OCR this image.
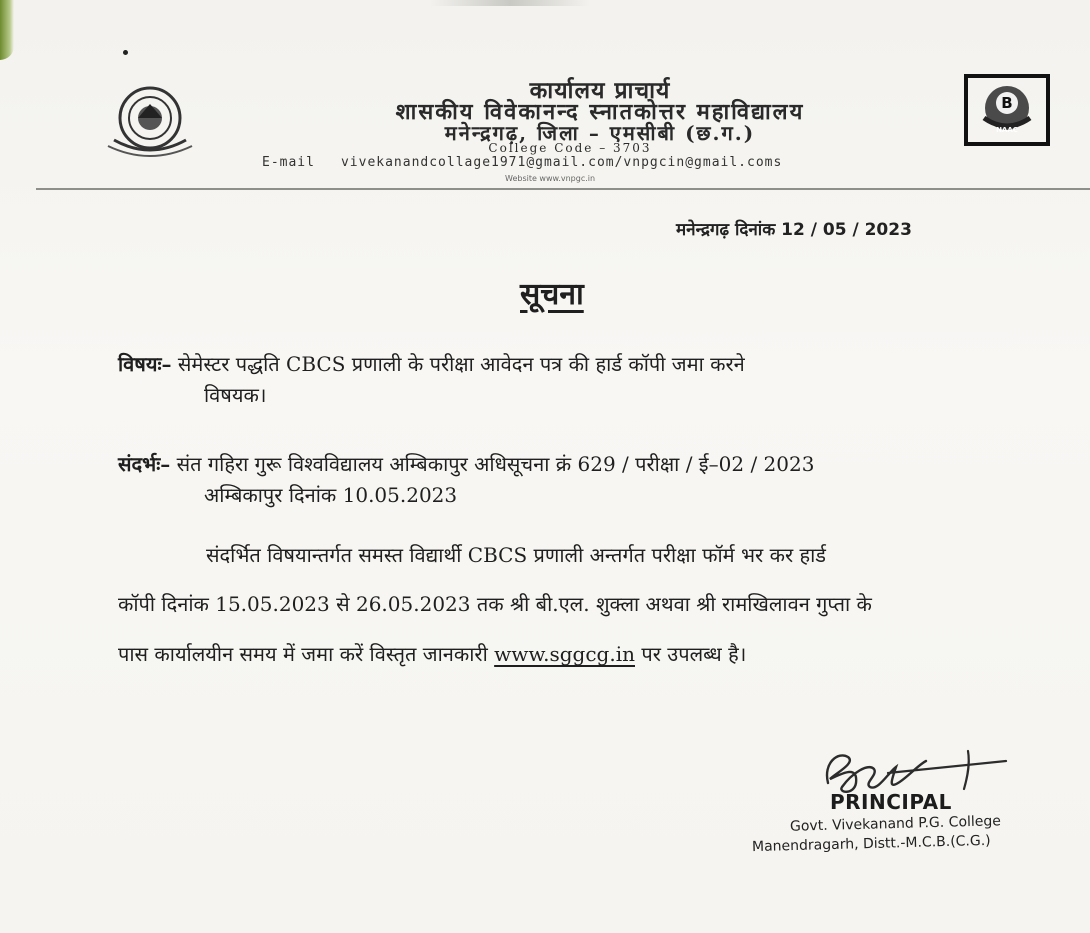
B
NAAC
कार्यालय प्राचार्य
शासकीय विवेकानन्द स्नातकोत्तर महाविद्यालय
मनेन्द्रगढ़, जिला – एमसीबी (छ.ग.)
College Code – 3703
E-mail vivekanandcollage1971@gmail.com/vnpgcin@gmail.coms
Website www.vnpgc.in
मनेन्द्रगढ़ दिनांक 12 / 05 / 2023
सूचना
विषयः– सेमेस्टर पद्धति CBCS प्रणाली के परीक्षा आवेदन पत्र की हार्ड कॉपी जमा करने
विषयक।
संदर्भः– संत गहिरा गुरू विश्वविद्यालय अम्बिकापुर अधिसूचना क्रं 629 / परीक्षा / ई–02 / 2023
अम्बिकापुर दिनांक 10.05.2023
संदर्भित विषयान्तर्गत समस्त विद्यार्थी CBCS प्रणाली अन्तर्गत परीक्षा फॉर्म भर कर हार्ड
कॉपी दिनांक 15.05.2023 से 26.05.2023 तक श्री बी.एल. शुक्ला अथवा श्री रामखिलावन गुप्ता के
पास कार्यालयीन समय में जमा करें विस्तृत जानकारी www.sggcg.in पर उपलब्ध है।
PRINCIPAL
Govt. Vivekanand P.G. College
Manendragarh, Distt.-M.C.B.(C.G.)
